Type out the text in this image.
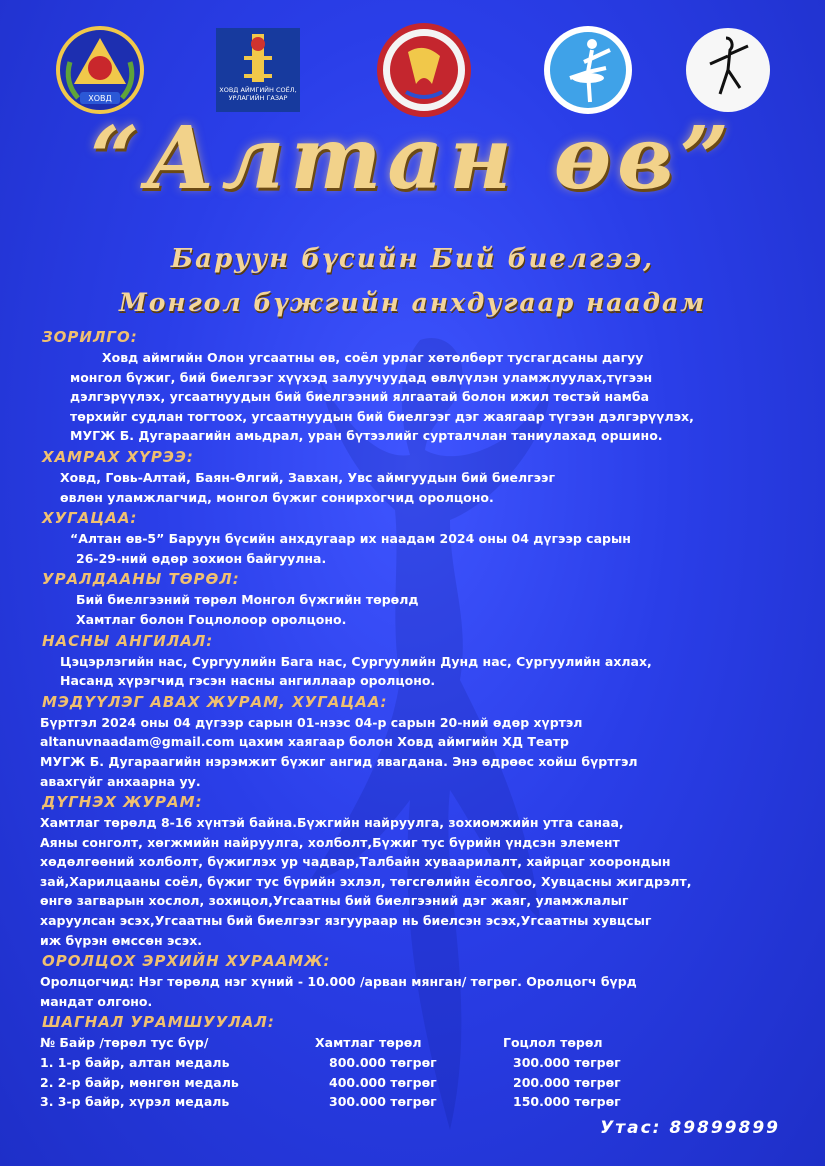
ХОВД
ХОВД АЙМГИЙН СОЁЛ, УРЛАГИЙН ГАЗАР
“Алтан өв”
Баруун бүсийн Бий биелгээ,
Монгол бүжгийн анхдугаар наадам
ЗОРИЛГО:
Ховд аймгийн Олон угсаатны өв, соёл урлаг хөтөлбөрт тусгагдсаны дагуу
монгол бүжиг, бий биелгээг хүүхэд залуучуудад өвлүүлэн уламжлуулах,түгээн
дэлгэрүүлэх, угсаатнуудын бий биелгээний ялгаатай болон ижил төстэй намба
төрхийг судлан тогтоох, угсаатнуудын бий биелгээг дэг жаягаар түгээн дэлгэрүүлэх,
МУГЖ Б. Дугараагийн амьдрал, уран бүтээлийг сурталчлан таниулахад оршино.
ХАМРАХ ХҮРЭЭ:
Ховд, Говь-Алтай, Баян-Өлгий, Завхан, Увс аймгуудын бий биелгээг
өвлөн уламжлагчид, монгол бүжиг сонирхогчид оролцоно.
ХУГАЦАА:
“Алтан өв-5” Баруун бүсийн анхдугаар их наадам 2024 оны 04 дүгээр сарын
26-29-ний өдөр зохион байгуулна.
УРАЛДААНЫ ТӨРӨЛ:
Бий биелгээний төрөл Монгол бүжгийн төрөлд
Хамтлаг болон Гоцлолоор оролцоно.
НАСНЫ АНГИЛАЛ:
Цэцэрлэгийн нас, Сургуулийн Бага нас, Сургуулийн Дунд нас, Сургуулийн ахлах,
Насанд хүрэгчид гэсэн насны ангиллаар оролцоно.
МЭДҮҮЛЭГ АВАХ ЖУРАМ, ХУГАЦАА:
Бүртгэл 2024 оны 04 дүгээр сарын 01-нээс 04-р сарын 20-ний өдөр хүртэл
altanuvnaadam@gmail.com цахим хаягаар болон Ховд аймгийн ХД Театр
МУГЖ Б. Дугараагийн нэрэмжит бүжиг ангид явагдана. Энэ өдрөөс хойш бүртгэл
авахгүйг анхаарна уу.
ДҮГНЭХ ЖУРАМ:
Хамтлаг төрөлд 8-16 хүнтэй байна.Бүжгийн найруулга, зохиомжийн утга санаа,
Аяны сонголт, хөгжмийн найруулга, холболт,Бүжиг тус бүрийн үндсэн элемент
хөдөлгөөний холболт, бүжиглэх ур чадвар,Талбайн хуваарилалт, хайрцаг хоорондын
зай,Харилцааны соёл, бүжиг тус бүрийн эхлэл, төгсгөлийн ёсолгоо, Хувцасны жигдрэлт,
өнгө загварын хослол, зохицол,Угсаатны бий биелгээний дэг жаяг, уламжлалыг
харуулсан эсэх,Угсаатны бий биелгээг язгуураар нь биелсэн эсэх,Угсаатны хувцсыг
иж бүрэн өмссөн эсэх.
ОРОЛЦОХ ЭРХИЙН ХУРААМЖ:
Оролцогчид: Нэг төрөлд нэг хүний - 10.000 /арван мянган/ төгрөг. Оролцогч бүрд
мандат олгоно.
ШАГНАЛ УРАМШУУЛАЛ:
№ Байр /төрөл тус бүр/	Хамтлаг төрөл	Гоцлол төрөл
1. 1-р байр, алтан медаль	800.000 төгрөг	300.000 төгрөг
2. 2-р байр, мөнгөн медаль	400.000 төгрөг	200.000 төгрөг
3. 3-р байр, хүрэл медаль	300.000 төгрөг	150.000 төгрөг
Утас: 89899899
